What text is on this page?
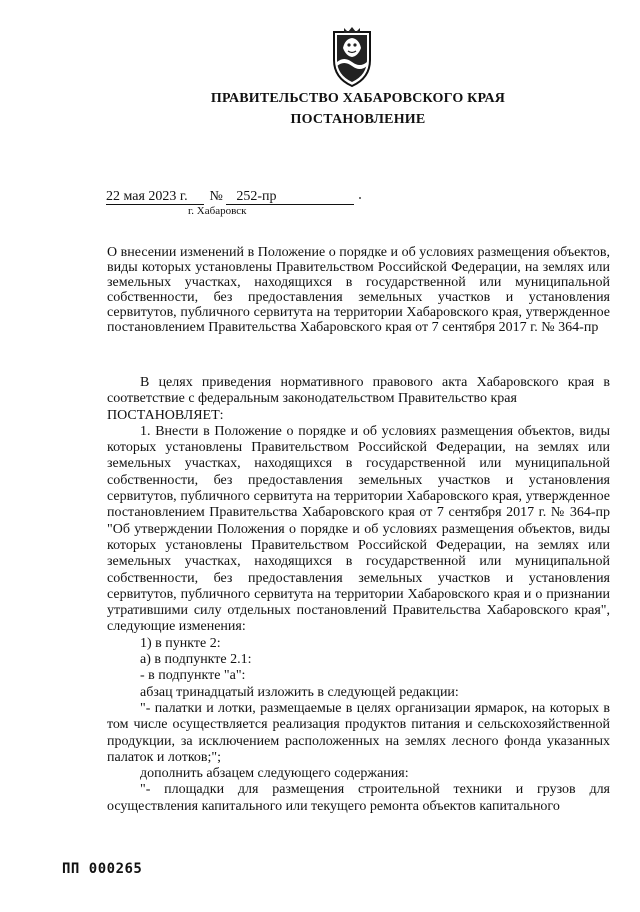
ПРАВИТЕЛЬСТВО ХАБАРОВСКОГО КРАЯ
ПОСТАНОВЛЕНИЕ
22 мая 2023 г. № 252-пр
г. Хабаровск
О внесении изменений в Положение о порядке и об условиях размещения объектов, виды которых установлены Правительством Российской Федерации, на землях или земельных участках, находящихся в государственной или муниципальной собственности, без предоставления земельных участков и установления сервитутов, публичного сервитута на территории Хабаровского края, утвержденное постановлением Правительства Хабаровского края от 7 сентября 2017 г. № 364-пр

В целях приведения нормативного правового акта Хабаровского края в соответствие с федеральным законодательством Правительство края

ПОСТАНОВЛЯЕТ:

1. Внести в Положение о порядке и об условиях размещения объектов, виды которых установлены Правительством Российской Федерации, на землях или земельных участках, находящихся в государственной или муниципальной собственности, без предоставления земельных участков и установления сервитутов, публичного сервитута на территории Хабаровского края, утвержденное постановлением Правительства Хабаровского края от 7 сентября 2017 г. № 364-пр "Об утверждении Положения о порядке и об условиях размещения объектов, виды которых установлены Правительством Российской Федерации, на землях или земельных участках, находящихся в государственной или муниципальной собственности, без предоставления земельных участков и установления сервитутов, публичного сервитута на территории Хабаровского края и о признании утратившими силу отдельных постановлений Правительства Хабаровского края", следующие изменения:

1) в пункте 2:

а) в подпункте 2.1:

- в подпункте "а":

абзац тринадцатый изложить в следующей редакции:

"- палатки и лотки, размещаемые в целях организации ярмарок, на которых в том числе осуществляется реализация продуктов питания и сельскохозяйственной продукции, за исключением расположенных на землях лесного фонда указанных палаток и лотков;";

дополнить абзацем следующего содержания:

"- площадки для размещения строительной техники и грузов для осуществления капитального или текущего ремонта объектов капитального

ПП 000265
